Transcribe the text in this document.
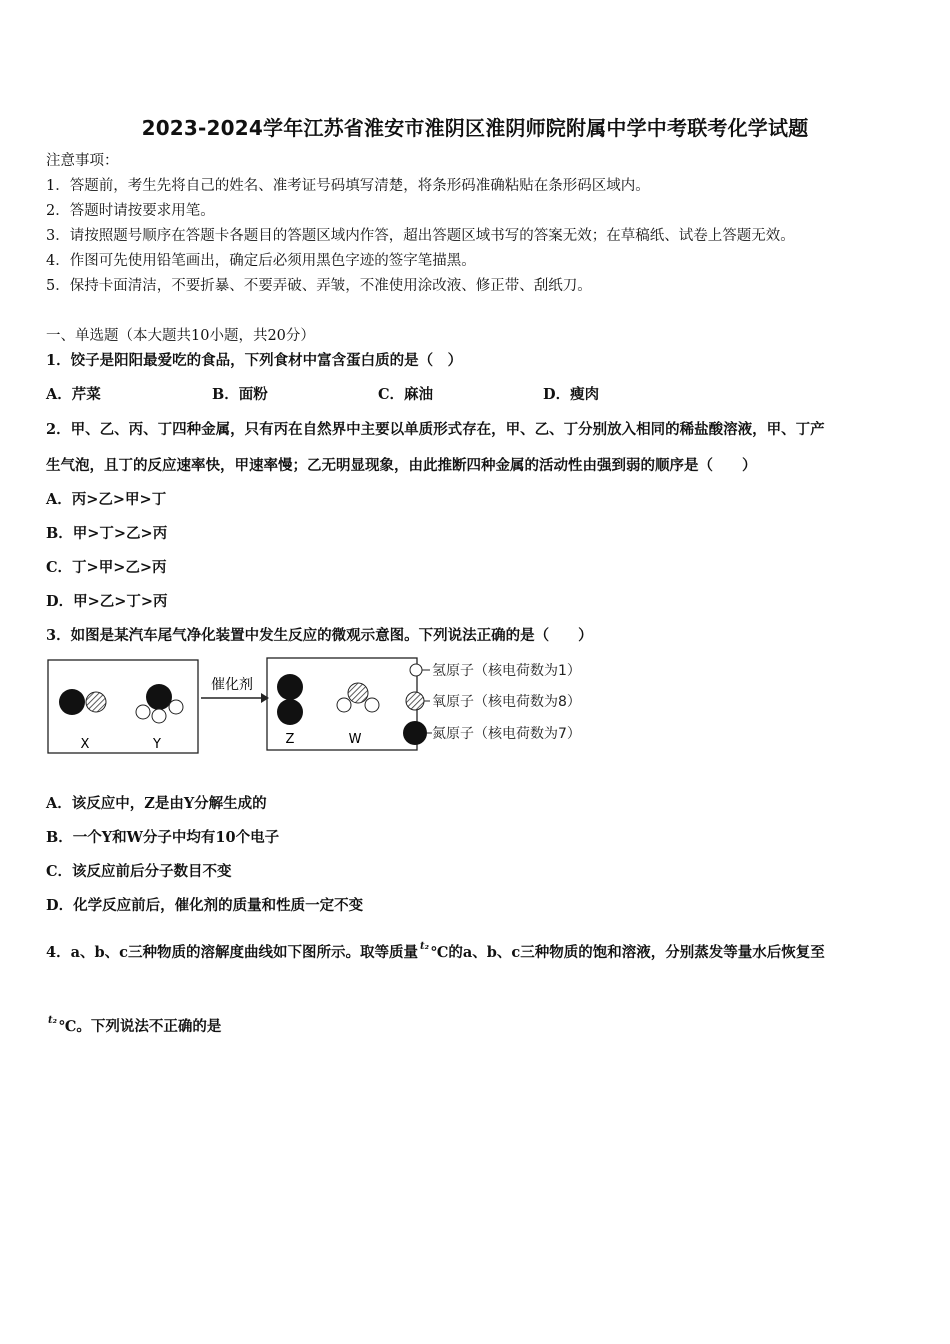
2023-2024学年江苏省淮安市淮阴区淮阴师院附属中学中考联考化学试题
注意事项：
1．答题前，考生先将自己的姓名、准考证号码填写清楚，将条形码准确粘贴在条形码区域内。
2．答题时请按要求用笔。
3．请按照题号顺序在答题卡各题目的答题区域内作答，超出答题区域书写的答案无效；在草稿纸、试卷上答题无效。
4．作图可先使用铅笔画出，确定后必须用黑色字迹的签字笔描黑。
5．保持卡面清洁，不要折暴、不要弄破、弄皱，不准使用涂改液、修正带、刮纸刀。
一、单选题（本大题共10小题，共20分）
1．饺子是阳阳最爱吃的食品，下列食材中富含蛋白质的是（　）
A．芹菜	B．面粉	C．麻油	D．瘦肉
2．甲、乙、丙、丁四种金属，只有丙在自然界中主要以单质形式存在，甲、乙、丁分别放入相同的稀盐酸溶液，甲、丁产
生气泡，且丁的反应速率快，甲速率慢；乙无明显现象，由此推断四种金属的活动性由强到弱的顺序是（　　）
A．丙>乙>甲>丁
B．甲>丁>乙>丙
C．丁>甲>乙>丙
D．甲>乙>丁>丙
3．如图是某汽车尾气净化装置中发生反应的微观示意图。下列说法正确的是（　　）
X	Y
催化剂
Z	W
氢原子（核电荷数为1）
氧原子（核电荷数为8）
氮原子（核电荷数为7）
A．该反应中，Z是由Y分解生成的
B．一个Y和W分子中均有10个电子
C．该反应前后分子数目不变
D．化学反应前后，催化剂的质量和性质一定不变
4．a、b、c三种物质的溶解度曲线如下图所示。取等质量 $^{t_2}$ ℃的a、b、c三种物质的饱和溶液，分别蒸发等量水后恢复至
$^{t_2}$ ℃。下列说法不正确的是
